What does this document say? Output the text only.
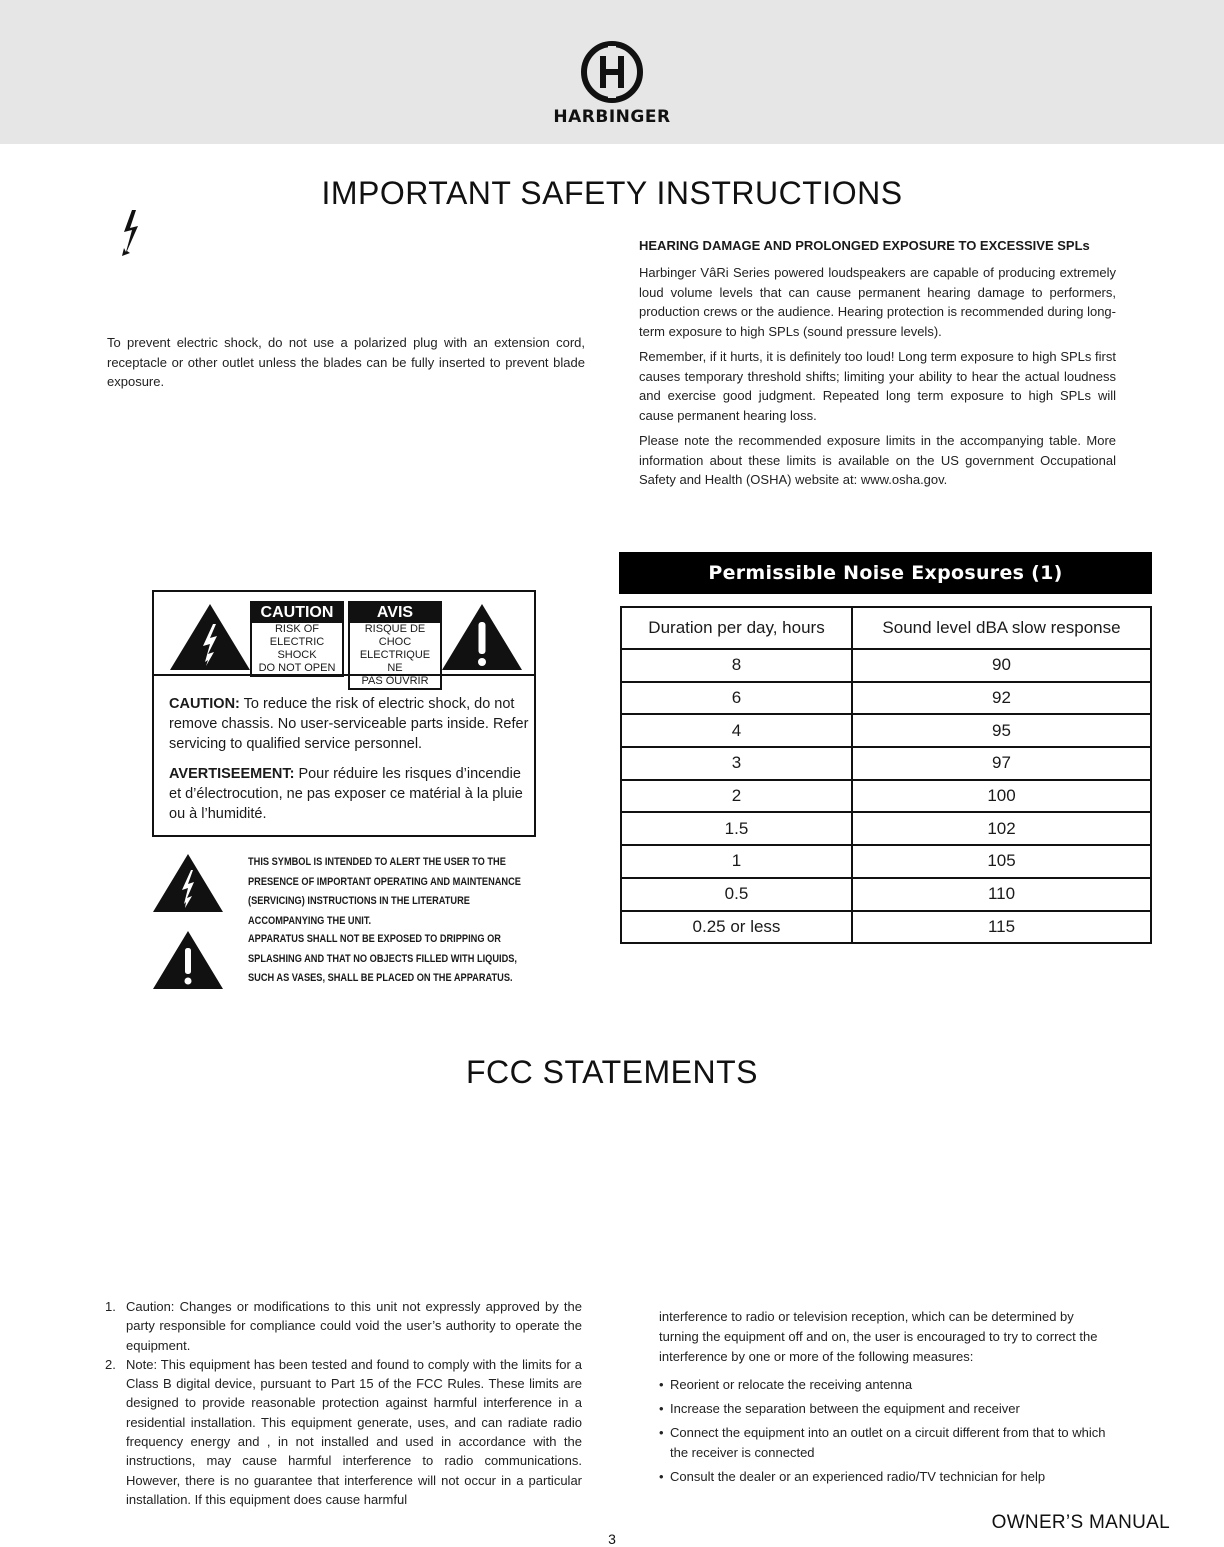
HARBINGER
IMPORTANT SAFETY INSTRUCTIONS

To prevent electric shock, do not use a polarized plug with an extension cord, receptacle or other outlet unless the blades can be fully inserted to prevent blade exposure.

HEARING DAMAGE AND PROLONGED EXPOSURE TO EXCESSIVE SPLs

Harbinger VâRi Series powered loudspeakers are capable of producing extremely loud volume levels that can cause permanent hearing damage to performers, production crews or the audience. Hearing protection is recommended during long-term exposure to high SPLs (sound pressure levels).

Remember, if it hurts, it is definitely too loud! Long term exposure to high SPLs first causes temporary threshold shifts; limiting your ability to hear the actual loudness and exercise good judgment. Repeated long term exposure to high SPLs will cause permanent hearing loss.

Please note the recommended exposure limits in the accompanying table. More information about these limits is available on the US government Occupational Safety and Health (OSHA) website at: www.osha.gov.

CAUTION
RISK OF
ELECTRIC SHOCK
DO NOT OPEN
AVIS
RISQUE DE CHOC
ELECTRIQUE NE
PAS OUVRIR

CAUTION: To reduce the risk of electric shock, do not remove chassis. No user-serviceable parts inside. Refer servicing to qualified service personnel.

AVERTISEEMENT: Pour réduire les risques d’incendie et d’électrocution, ne pas exposer ce matérial à la pluie ou à l’humidité.

THIS SYMBOL IS INTENDED TO ALERT THE USER TO THE PRESENCE OF IMPORTANT OPERATING AND MAINTENANCE (SERVICING) INSTRUCTIONS IN THE LITERATURE ACCOMPANYING THE UNIT.
APPARATUS SHALL NOT BE EXPOSED TO DRIPPING OR SPLASHING AND THAT NO OBJECTS FILLED WITH LIQUIDS, SUCH AS VASES, SHALL BE PLACED ON THE APPARATUS.
Permissible Noise Exposures (1)
Duration per day, hours	Sound level dBA slow response
8	90
6	92
4	95
3	97
2	100
1.5	102
1	105
0.5	110
0.25 or less	115
FCC STATEMENTS
1. Caution: Changes or modifications to this unit not expressly approved by the party responsible for compliance could void the user’s authority to operate the equipment.
2. Note: This equipment has been tested and found to comply with the limits for a Class B digital device, pursuant to Part 15 of the FCC Rules. These limits are designed to provide reasonable protection against harmful interference in a residential installation. This equipment generate, uses, and can radiate radio frequency energy and , in not installed and used in accordance with the instructions, may cause harmful interference to radio communications. However, there is no guarantee that interference will not occur in a particular installation. If this equipment does cause harmful

interference to radio or television reception, which can be determined by turning the equipment off and on, the user is encouraged to try to correct the interference by one or more of the following measures:

• Reorient or relocate the receiving antenna
• Increase the separation between the equipment and receiver
• Connect the equipment into an outlet on a circuit different from that to which the receiver is connected
• Consult the dealer or an experienced radio/TV technician for help
OWNER’S MANUAL
3
